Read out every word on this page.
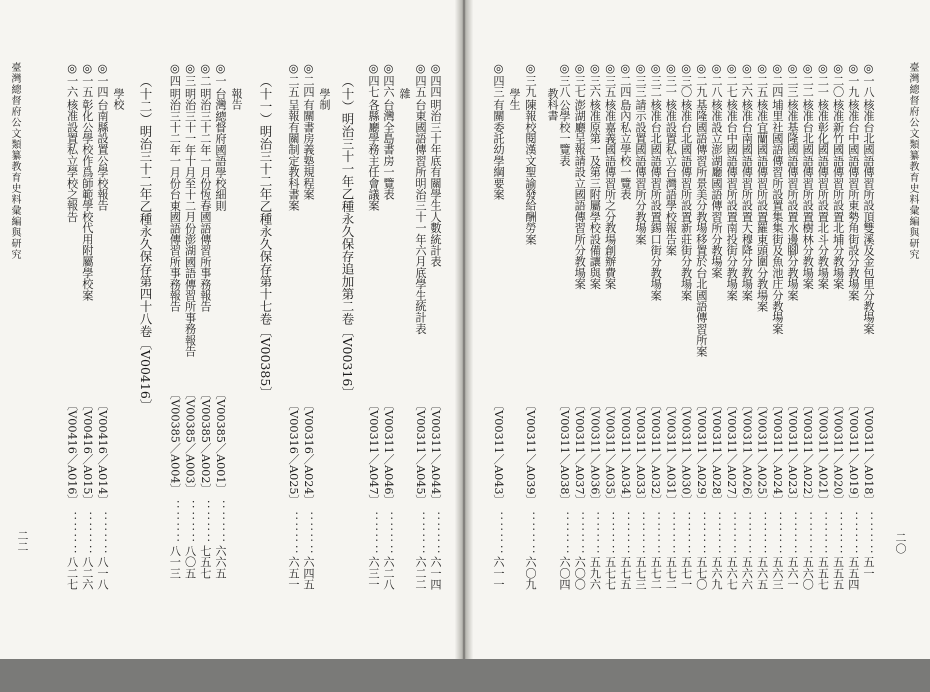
臺灣總督府公文類纂教育史料彙編與研究	臺灣總督府公文類纂教育史料彙編與研究
二二	二〇
◎一八核准台北國語傳習所設頂雙溪及金包里分教場案〔V00311／A018〕：：：：五一
◎一九核准台中國語傳習所東勢角街設分教場案〔V00311／A019〕：：：：五五四
◎二〇核准新竹國語傳習所設置北埔分教場案〔V00311／A020〕：：：：五五五
◎二一核准彰化國語傳習所設置北斗分教場案〔V00311／A021〕：：：：五五七
◎二二核准台北國語傳習所設置樹林分教場案〔V00311／A022〕：：：：五六〇
◎二三核准基隆國語傳習所設置水邊腳分教場案〔V00311／A023〕：：：：五六一
◎二四埔里社國語傳習所設置集集街及魚池庄分教場案〔V00311／A024〕：：：：五六三
◎二五核准宜蘭國語傳習所設置羅東頭圍分教場案〔V00311／A025〕：：：：五六五
◎二六核准台南國語傳習所設置大穆降分教場案〔V00311／A026〕：：：：五六六
◎二七核准台中國語傳習所設置南投街分教場案〔V00311／A027〕：：：：五六七
◎二八核准設立澎湖廳國語傳習所分教場案〔V00311／A028〕：：：：五六九
◎二九基隆國語傳習所景美分教場移置於台北國語傳習所案〔V00311／A029〕：：：：五七〇
◎三〇核准台北國語傳習所設置新莊街分教場案〔V00311／A030〕：：：：五七一
◎三一核准設置私立台灣語學校報告案〔V00311／A031〕：：：：五七二
◎三二核准台北國語傳習所設置錫口街分教場案〔V00311／A032〕：：：：五七二
◎三三請示設置國語傳習所分教場案〔V00311／A033〕：：：：五七三
◎二四島內私立學校一覽表〔V00311／A034〕：：：：五七五
◎三五核准嘉義國語傳習所之分教場創辦費案〔V00311／A035〕：：：：五七七
◎三六核准原第一及第三附屬學校設備讓與案〔V00311／A036〕：：：：五九六
◎三七澎湖廳呈報請設立國語傳習所分教場案〔V00311／A037〕：：：：六〇〇
◎三八公學校一覽表〔V00311／A038〕：：：：六〇四
教科書
◎三九陳報校閱漢文聖諭發給酬勞案〔V00311／A039〕：：：：六〇九
學生
◎四三有關委託幼學綱要案〔V00311／A043〕：：：：六一一
◎四四明治三十年底有關學生人數統計表〔V00311／A044〕：：：：六一四
◎四五台東國語傳習所明治三十一年六月底學生統計表〔V00311／A045〕：：：：六二二
雜
◎四六台灣全島書房一覽表〔V00311／A046〕：：：：六二八
◎四七各縣廳學務主任會議案〔V00311／A047〕：：：：六三一
（十）明治三十一年乙種永久保存追加第二卷〔V00316〕
學制
◎二四有關書房義塾規程案〔V00316／A024〕：：：：六四五
◎二五呈報有關制定教科書案〔V00316／A025〕：：：：六五一
（十一）明治三十二年乙種永久保存第十七卷〔V00385〕
報告
◎一台灣總督府國語學校細則〔V00385／A001〕：：：：六六五
◎二明治三十二年一月份恆春國語傳習所事務報告〔V00385／A002〕：：：：七五七
◎三明治三十一年十月至十二月份澎湖國語傳習所事務報告〔V00385／A003〕：：：：八〇五
◎四明治三十二年一月份台東國語傳習所事務報告〔V00385／A004〕：：：：八一三
（十二）明治三十二年乙種永久保存第四十八卷〔V00416〕
學校
◎一四台南縣設置公學校報告〔V00416／A014〕：：：：八一八
◎一五彰化公學校作爲師範學校代用附屬學校案〔V00416／A015〕：：：：八二六
◎一六核准設置私立學校之報告〔V00416／A016〕：：：：八二七
